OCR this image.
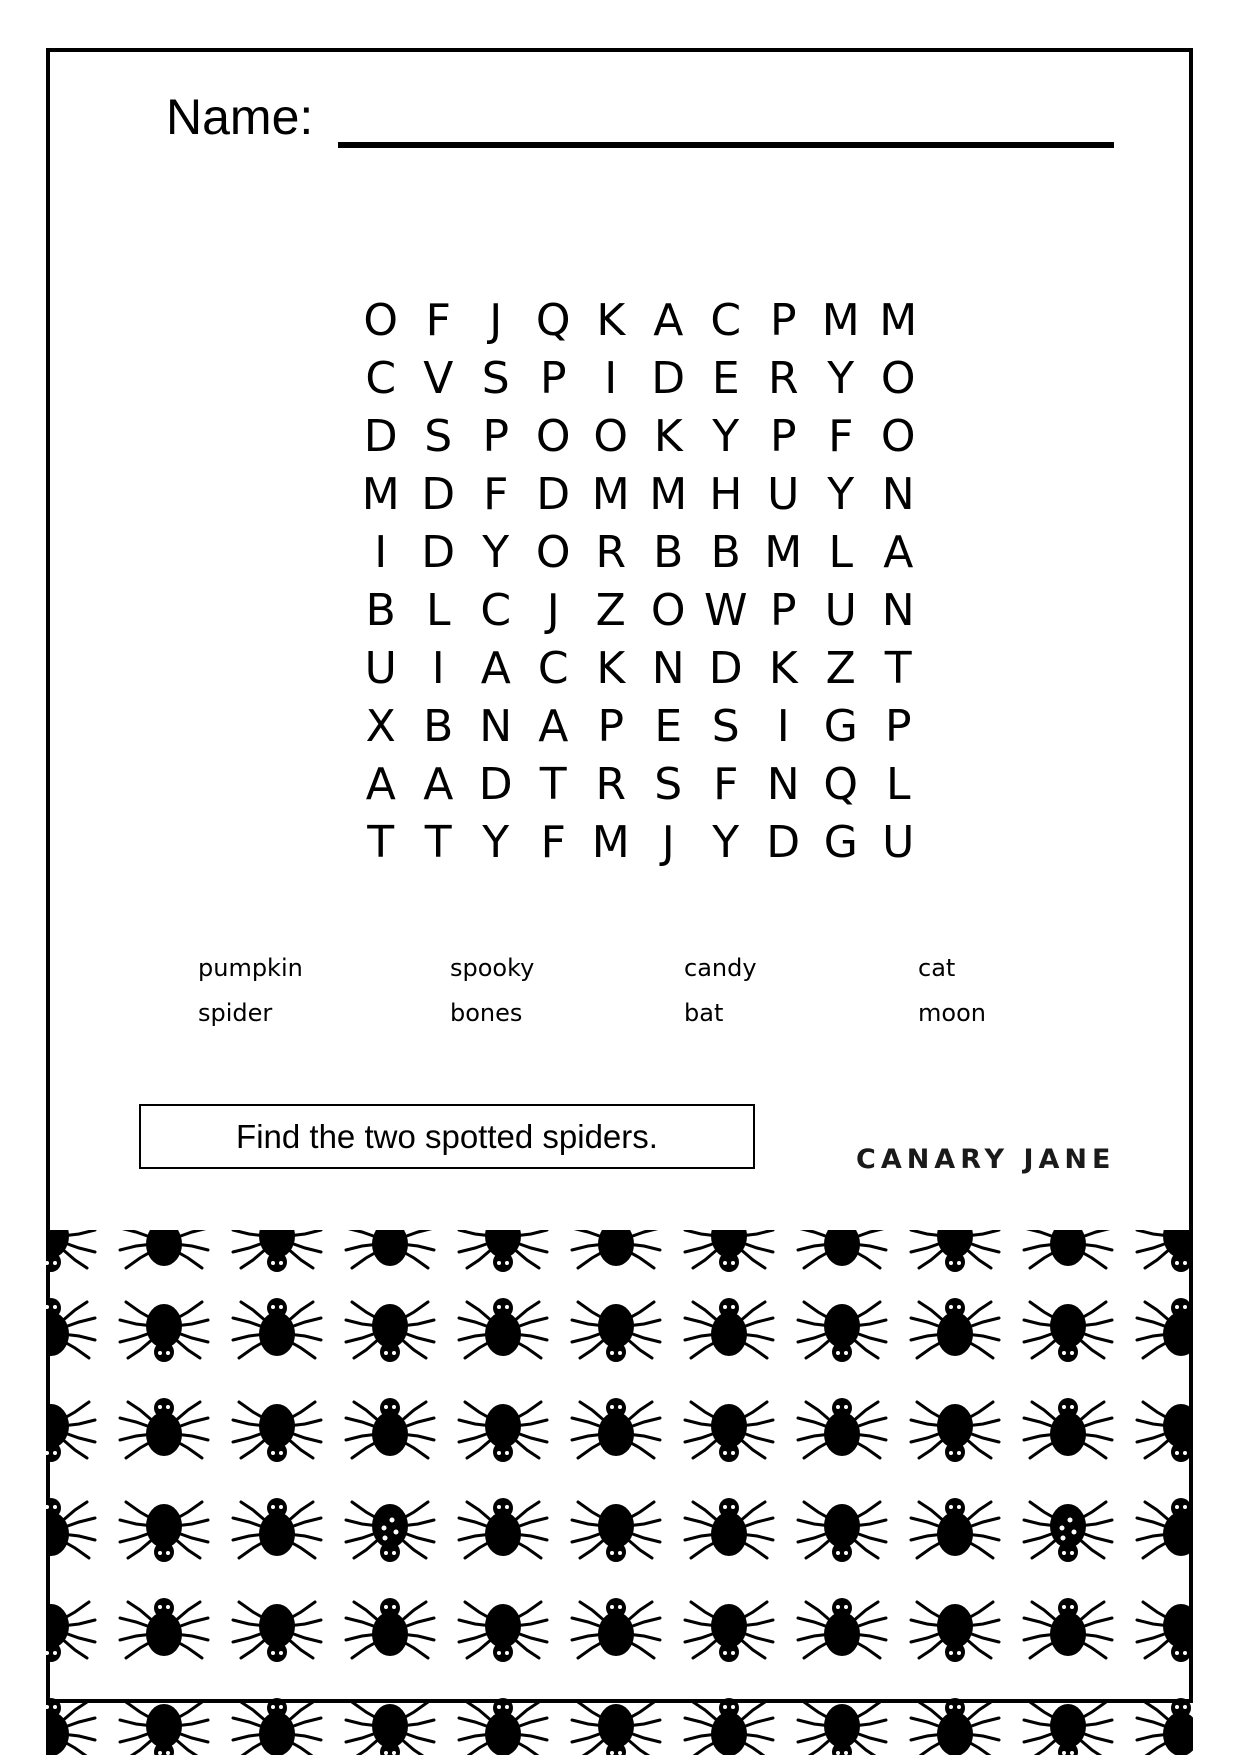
Name:
O F J Q K A C P M M
C V S P I D E R Y O
D S P O O K Y P F O
M D F D M M H U Y N
I D Y O R B B M L A
B L C J Z O W P U N
U I A C K N D K Z T
X B N A P E S I G P
A A D T R S F N Q L
T T Y F M J Y D G U
pumpkin	spooky	candy	cat
spider	bones	bat	moon
Find the two spotted spiders.
CANARY JANE
